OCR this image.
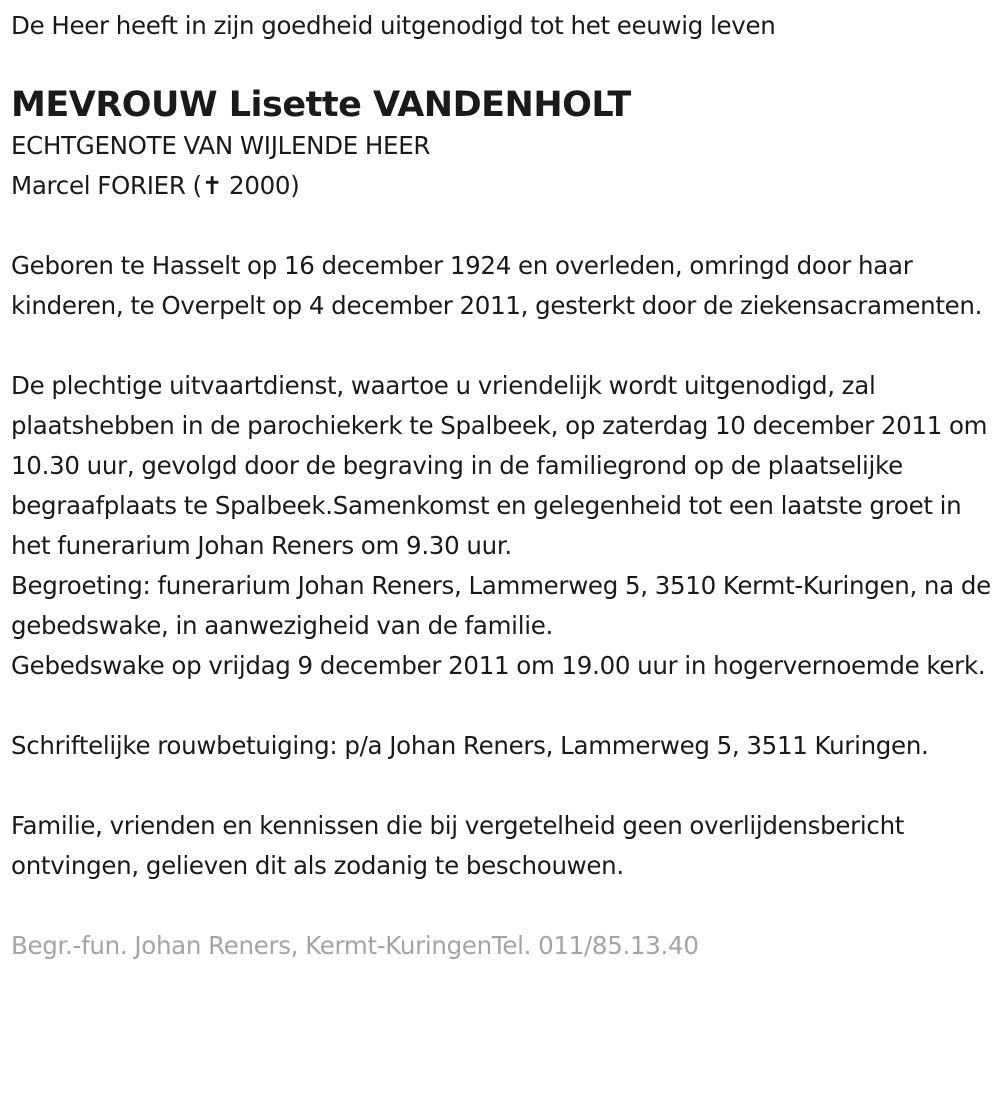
De Heer heeft in zijn goedheid uitgenodigd tot het eeuwig leven

MEVROUW Lisette VANDENHOLT

ECHTGENOTE VAN WIJLENDE HEER

Marcel FORIER (✝ 2000)

Geboren te Hasselt op 16 december 1924 en overleden, omringd door haar kinderen, te Overpelt op 4 december 2011, gesterkt door de ziekensacramenten.

De plechtige uitvaartdienst, waartoe u vriendelijk wordt uitgenodigd, zal plaatshebben in de parochiekerk te Spalbeek, op zaterdag 10 december 2011 om 10.30 uur, gevolgd door de begraving in de familiegrond op de plaatselijke begraafplaats te Spalbeek.Samenkomst en gelegenheid tot een laatste groet in het funerarium Johan Reners om 9.30 uur.

Begroeting: funerarium Johan Reners, Lammerweg 5, 3510 Kermt-Kuringen, na de gebedswake, in aanwezigheid van de familie.

Gebedswake op vrijdag 9 december 2011 om 19.00 uur in hogervernoemde kerk.

Schriftelijke rouwbetuiging: p/a Johan Reners, Lammerweg 5, 3511 Kuringen.

Familie, vrienden en kennissen die bij vergetelheid geen overlijdensbericht ontvingen, gelieven dit als zodanig te beschouwen.

Begr.-fun. Johan Reners, Kermt-KuringenTel. 011/85.13.40
